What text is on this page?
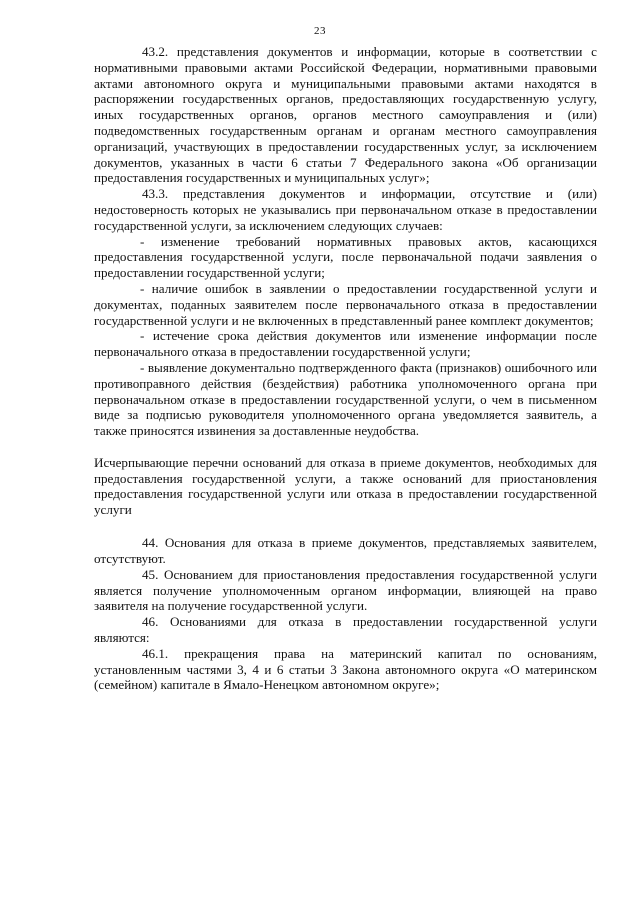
23

43.2. представления документов и информации, которые в соответствии с нормативными правовыми актами Российской Федерации, нормативными правовыми актами автономного округа и муниципальными правовыми актами находятся в распоряжении государственных органов, предоставляющих государственную услугу, иных государственных органов, органов местного самоуправления и (или) подведомственных государственным органам и органам местного самоуправления организаций, участвующих в предоставлении государственных услуг, за исключением документов, указанных в части 6 статьи 7 Федерального закона «Об организации предоставления государственных и муниципальных услуг»;

43.3. представления документов и информации, отсутствие и (или) недостоверность которых не указывались при первоначальном отказе в предоставлении государственной услуги, за исключением следующих случаев:

- изменение требований нормативных правовых актов, касающихся предоставления государственной услуги, после первоначальной подачи заявления о предоставлении государственной услуги;

- наличие ошибок в заявлении о предоставлении государственной услуги и документах, поданных заявителем после первоначального отказа в предоставлении государственной услуги и не включенных в представленный ранее комплект документов;

- истечение срока действия документов или изменение информации после первоначального отказа в предоставлении государственной услуги;

- выявление документально подтвержденного факта (признаков) ошибочного или противоправного действия (бездействия) работника уполномоченного органа при первоначальном отказе в предоставлении государственной услуги, о чем в письменном виде за подписью руководителя уполномоченного органа уведомляется заявитель, а также приносятся извинения за доставленные неудобства.

Исчерпывающие перечни оснований для отказа в приеме документов, необходимых для предоставления государственной услуги, а также оснований для приостановления предоставления государственной услуги или отказа в предоставлении государственной услуги

44. Основания для отказа в приеме документов, представляемых заявителем, отсутствуют.

45. Основанием для приостановления предоставления государственной услуги является получение уполномоченным органом информации, влияющей на право заявителя на получение государственной услуги.

46. Основаниями для отказа в предоставлении государственной услуги являются:

46.1. прекращения права на материнский капитал по основаниям, установленным частями 3, 4 и 6 статьи 3 Закона автономного округа «О материнском (семейном) капитале в Ямало-Ненецком автономном округе»;
